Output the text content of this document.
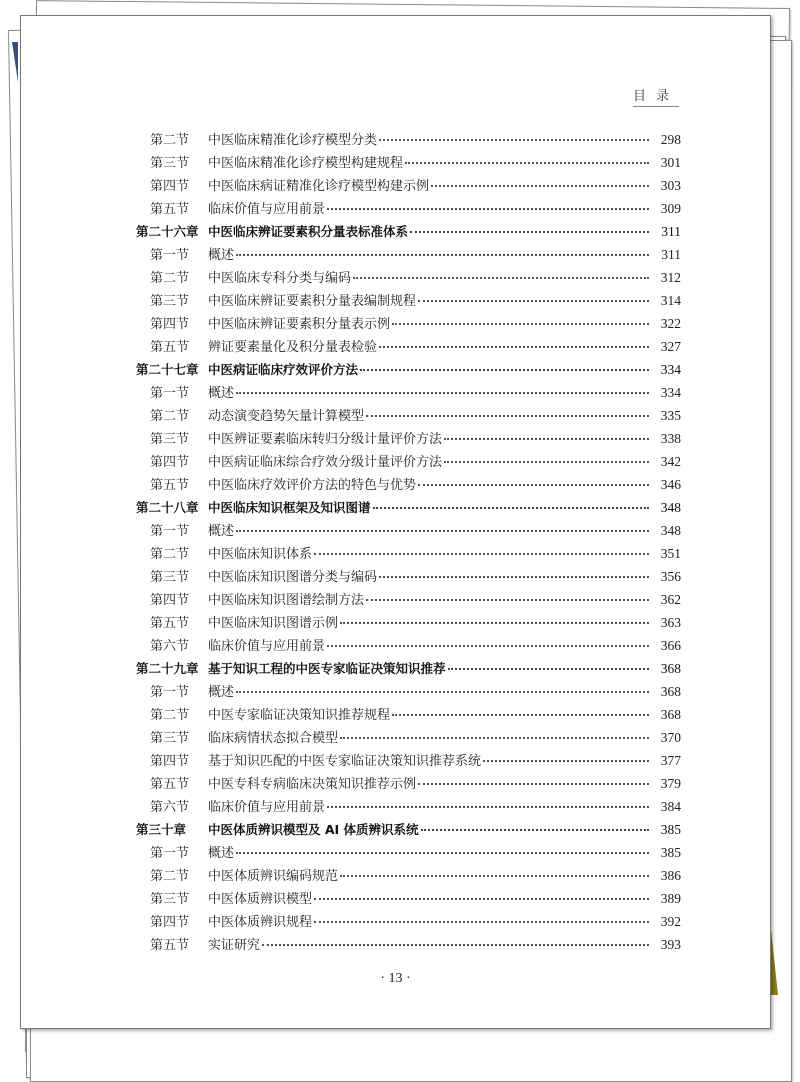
目录
第二节	中医临床精准化诊疗模型分类	298
第三节	中医临床精准化诊疗模型构建规程	301
第四节	中医临床病证精准化诊疗模型构建示例	303
第五节	临床价值与应用前景	309
第二十六章 中医临床辨证要素积分量表标准体系	311
第一节	概述	311
第二节	中医临床专科分类与编码	312
第三节	中医临床辨证要素积分量表编制规程	314
第四节	中医临床辨证要素积分量表示例	322
第五节	辨证要素量化及积分量表检验	327
第二十七章 中医病证临床疗效评价方法	334
第一节	概述	334
第二节	动态演变趋势矢量计算模型	335
第三节	中医辨证要素临床转归分级计量评价方法	338
第四节	中医病证临床综合疗效分级计量评价方法	342
第五节	中医临床疗效评价方法的特色与优势	346
第二十八章 中医临床知识框架及知识图谱	348
第一节	概述	348
第二节	中医临床知识体系	351
第三节	中医临床知识图谱分类与编码	356
第四节	中医临床知识图谱绘制方法	362
第五节	中医临床知识图谱示例	363
第六节	临床价值与应用前景	366
第二十九章 基于知识工程的中医专家临证决策知识推荐	368
第一节	概述	368
第二节	中医专家临证决策知识推荐规程	368
第三节	临床病情状态拟合模型	370
第四节	基于知识匹配的中医专家临证决策知识推荐系统	377
第五节	中医专科专病临床决策知识推荐示例	379
第六节	临床价值与应用前景	384
第三十章	中医体质辨识模型及 AI 体质辨识系统	385
第一节	概述	385
第二节	中医体质辨识编码规范	386
第三节	中医体质辨识模型	389
第四节	中医体质辨识规程	392
第五节	实证研究	393
· 13 ·
